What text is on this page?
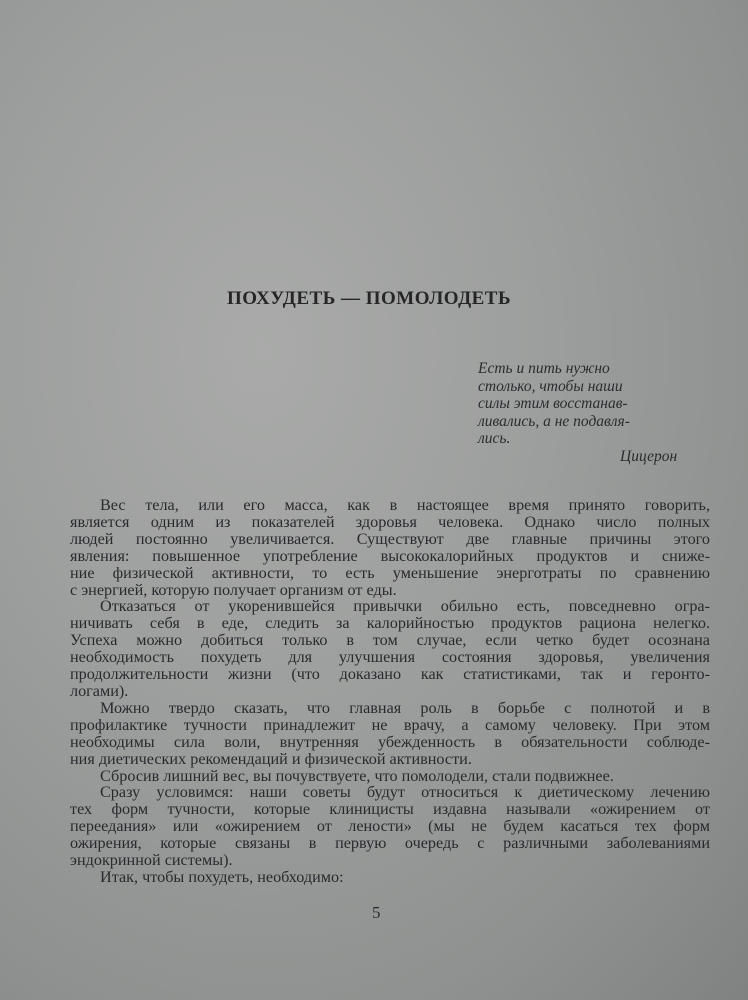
ПОХУДЕТЬ — ПОМОЛОДЕТЬ
Есть и пить нужно
столько, чтобы наши
силы этим восстанав-
ливались, а не подавля-
лись.
Цицерон
Вес тела, или его масса, как в настоящее время принято говорить,
является одним из показателей здоровья человека. Однако число полных
людей постоянно увеличивается. Существуют две главные причины этого
явления: повышенное употребление высококалорийных продуктов и сниже-
ние физической активности, то есть уменьшение энерготраты по сравнению
с энергией, которую получает организм от еды.
Отказаться от укоренившейся привычки обильно есть, повседневно огра-
ничивать себя в еде, следить за калорийностью продуктов рациона нелегко.
Успеха можно добиться только в том случае, если четко будет осознана
необходимость похудеть для улучшения состояния здоровья, увеличения
продолжительности жизни (что доказано как статистиками, так и геронто-
логами).
Можно твердо сказать, что главная роль в борьбе с полнотой и в
профилактике тучности принадлежит не врачу, а самому человеку. При этом
необходимы сила воли, внутренняя убежденность в обязательности соблюде-
ния диетических рекомендаций и физической активности.
Сбросив лишний вес, вы почувствуете, что помолодели, стали подвижнее.
Сразу условимся: наши советы будут относиться к диетическому лечению
тех форм тучности, которые клиницисты издавна называли «ожирением от
переедания» или «ожирением от лености» (мы не будем касаться тех форм
ожирения, которые связаны в первую очередь с различными заболеваниями
эндокринной системы).
Итак, чтобы похудеть, необходимо:
5
